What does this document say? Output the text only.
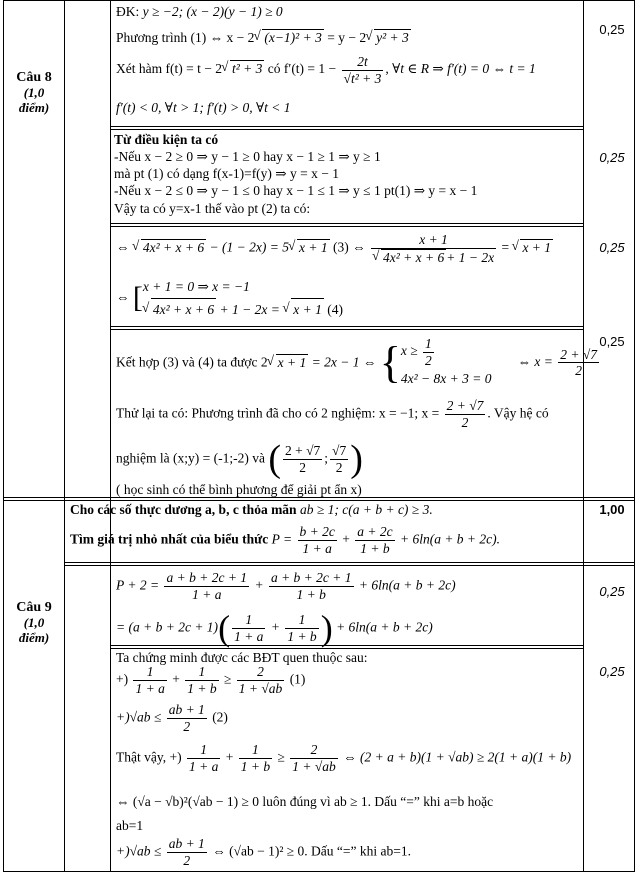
Câu 8
(1,0
điểm)
Câu 9
(1,0
điểm)
0,25
0,25
0,25
0,25
1,00
0,25
0,25
ĐK: y ≥ −2; (x − 2)(y − 1) ≥ 0
Phương trình (1) ⇔ x − 2 √ (x−1)² + 3 = y − 2 √ y² + 3
Xét hàm f(t) = t − 2 √ t² + 3 có $f'(t) = 1 - \frac{2t}{\text{√t² + 3}}$ , ∀t ∈ R ⇒ f′(t) = 0 ⇔ t = 1
f′(t) < 0, ∀t > 1; f′(t) > 0, ∀t < 1
Từ điều kiện ta có
-Nếu x − 2 ≥ 0 ⇒ y − 1 ≥ 0 hay x − 1 ≥ 1 ⇒ y ≥ 1
mà pt (1) có dạng f(x-1)=f(y) ⇒ y = x − 1
-Nếu x − 2 ≤ 0 ⇒ y − 1 ≤ 0 hay x − 1 ≤ 1 ⇒ y ≤ 1 pt(1) ⇒ y = x − 1
Vậy ta có y=x-1 thế vào pt (2) ta có:
⇔ √ 4x² + x + 6 − (1 − 2x) = 5 √ x + 1 (3) ⇔ x + 1
√ 4x² + x + 6 + 1 − 2x = √ x + 1
⇔ [ x + 1 = 0 ⇒ x = −1
√ 4x² + x + 6 + 1 − 2x = √ x + 1 (4)
Kết hợp (3) và (4) ta được 2 √ x + 1 = 2x − 1 ⇔ { $x \ge \frac{1}{2}$
4x² − 8x + 3 = 0
⇔ $x = \frac{2 + √7}{2}$
Thử lại ta có: Phương trình đã cho có 2 nghiệm: x = −1; $x = \frac{2 + √7}{2}$ . Vậy hệ có
nghiệm là (x;y) = (-1;-2) và ( $\frac{2 + √7}{2}$ ; $\frac{√7}{2}$ )
( học sinh có thể bình phương để giải pt ẩn x)
Cho các số thực dương a, b, c thỏa mãn ab ≥ 1; c(a + b + c) ≥ 3.
Tìm giá trị nhỏ nhất của biểu thức $P = \frac{b + 2c}{1 + a} + \frac{a + 2c}{1 + b} + 6\ln(a + b + 2c)$.
$P + 2 = \frac{a + b + 2c + 1}{1 + a} + \frac{a + b + 2c + 1}{1 + b} + 6\ln(a + b + 2c)$
= $(a + b + 2c + 1)( \frac{1}{1 + a} + \frac{1}{1 + b}$ ) + 6ln(a + b + 2c)
Ta chứng minh được các BĐT quen thuộc sau:
+) $\frac{1}{1 + a} + \frac{1}{1 + b} \ge \frac{2}{1 + √ab} (1)$
$+)√ab \le \frac{ab + 1}{2} (2)$
Thật vậy, +) $\frac{1}{1 + a} + \frac{1}{1 + b} \ge \frac{2}{1 + √ab}$ ⇔ (2 + a + b)(1 + √ab) ≥ 2(1 + a)(1 + b)
⇔ (√a − √b)²(√ab − 1) ≥ 0 luôn đúng vì ab ≥ 1. Dấu “=” khi a=b hoặc
ab=1
$+)√ab \le \frac{ab + 1}{2}$ ⇔ (√ab − 1)² ≥ 0. Dấu “=” khi ab=1.
